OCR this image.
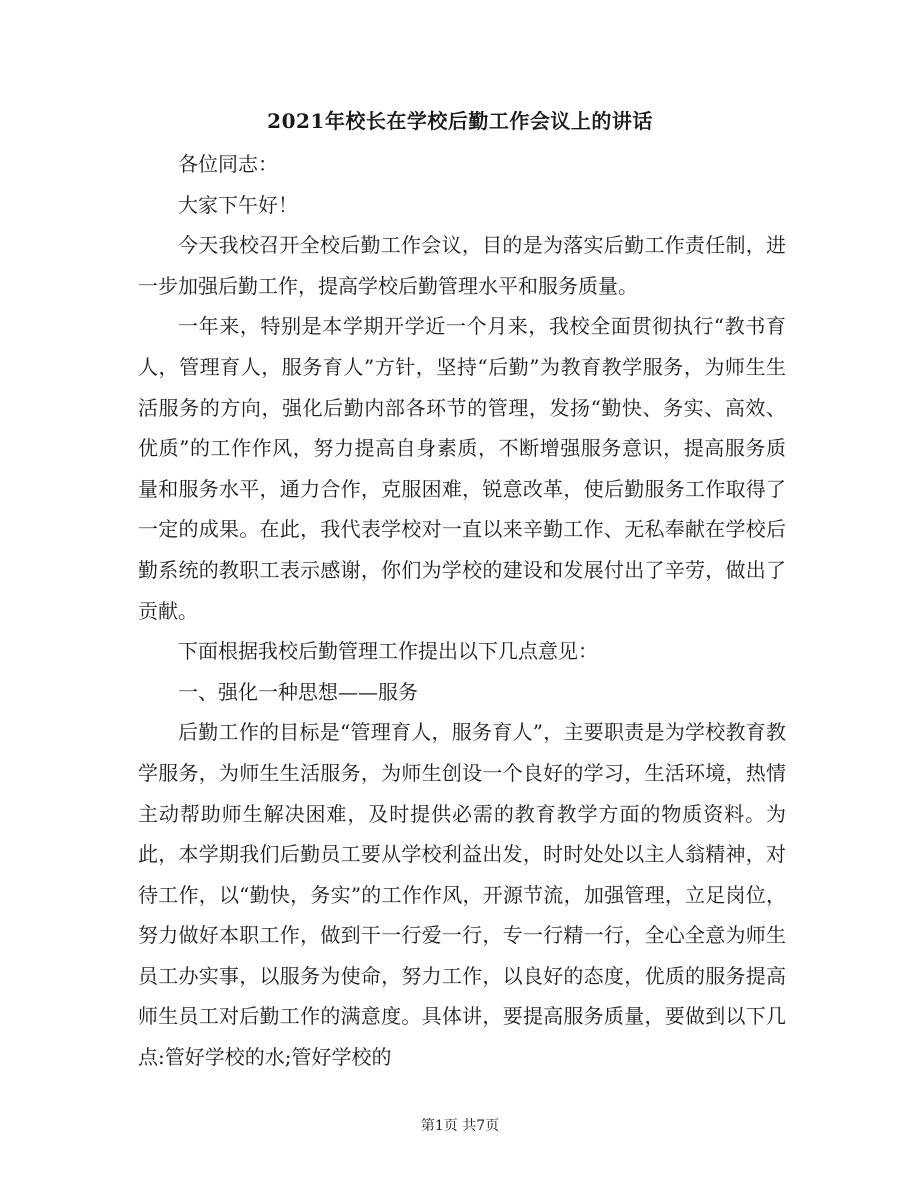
2021年校长在学校后勤工作会议上的讲话

各位同志：

大家下午好！

今天我校召开全校后勤工作会议，目的是为落实后勤工作责任制，进一步加强后勤工作，提高学校后勤管理水平和服务质量。

一年来，特别是本学期开学近一个月来，我校全面贯彻执行“教书育人，管理育人，服务育人”方针，坚持“后勤”为教育教学服务，为师生生活服务的方向，强化后勤内部各环节的管理，发扬“勤快、务实、高效、优质”的工作作风，努力提高自身素质，不断增强服务意识，提高服务质量和服务水平，通力合作，克服困难，锐意改革，使后勤服务工作取得了一定的成果。在此，我代表学校对一直以来辛勤工作、无私奉献在学校后勤系统的教职工表示感谢，你们为学校的建设和发展付出了辛劳，做出了贡献。

下面根据我校后勤管理工作提出以下几点意见：

一、强化一种思想——服务

后勤工作的目标是“管理育人，服务育人”，主要职责是为学校教育教学服务，为师生生活服务，为师生创设一个良好的学习，生活环境，热情主动帮助师生解决困难，及时提供必需的教育教学方面的物质资料。为此，本学期我们后勤员工要从学校利益出发，时时处处以主人翁精神，对待工作，以“勤快，务实”的工作作风，开源节流，加强管理，立足岗位，努力做好本职工作，做到干一行爱一行，专一行精一行，全心全意为师生员工办实事，以服务为使命，努力工作，以良好的态度，优质的服务提高师生员工对后勤工作的满意度。具体讲，要提高服务质量，要做到以下几点:管好学校的水;管好学校的

第1页 共7页
